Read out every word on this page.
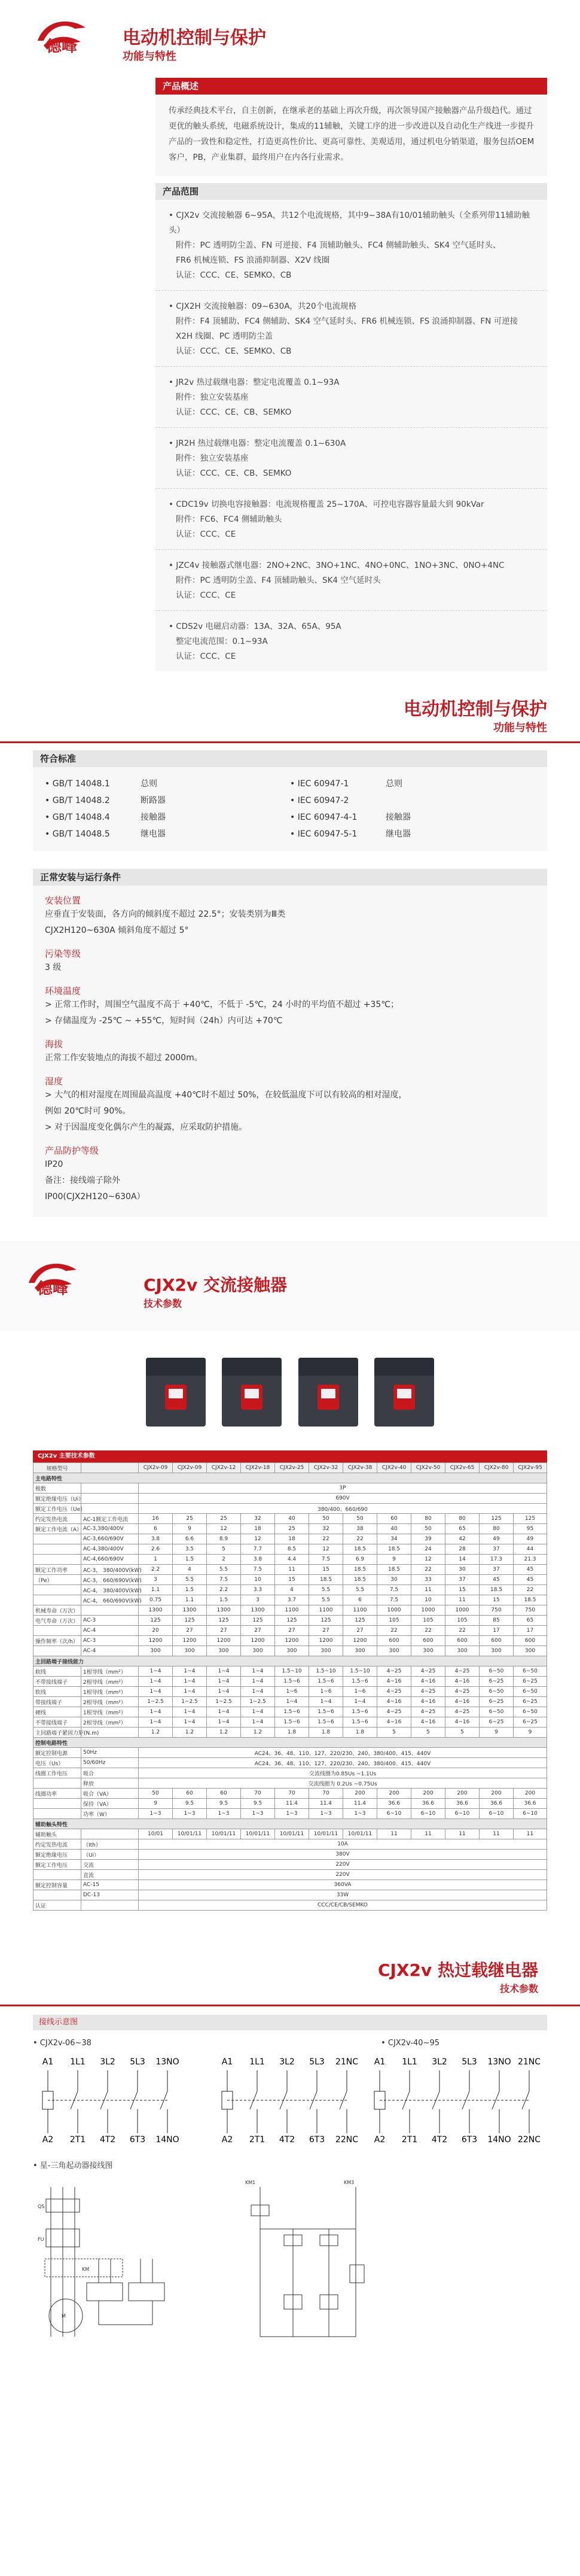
德峰	电动机控制与保护
功能与特性
产品概述
传承经典技术平台，自主创新，在继承老的基础上再次升级，再次领导国产接触器产品升级趋代。通过更优的触头系统，电磁系统设计，集成的11辅触，关键工序的进一步改进以及自动化生产线进一步提升产品的一致性和稳定性，打造更高性价比、更高可靠性、美观适用，通过机电分销渠道，服务包括OEM客户，PB，产业集群，最终用户在内各行业需求。
产品范围
• CJX2v 交流接触器 6~95A，共12个电流规格，其中9~38A有10/01辅助触头（全系列带11辅助触头）
附件：PC 透明防尘盖、FN 可逆接、F4 顶辅助触头、FC4 侧辅助触头、SK4 空气延时头、
FR6 机械连锁、FS 浪涌抑制器、X2V 线圈
认证：CCC、CE、SEMKO、CB
• CJX2H 交流接触器：09~630A，共20个电流规格
附件：F4 顶辅助、FC4 侧辅助、SK4 空气延时头、FR6 机械连锁、FS 浪涌抑制器、FN 可逆接
X2H 线圈、PC 透明防尘盖
认证：CCC、CE、SEMKO、CB
• JR2v 热过载继电器：整定电流覆盖 0.1~93A
附件：独立安装基座
认证：CCC、CE、CB、SEMKO
• JR2H 热过载继电器：整定电流覆盖 0.1~630A
附件：独立安装基座
认证：CCC、CE、CB、SEMKO
• CDC19v 切换电容接触器：电流规格覆盖 25~170A、可控电容器容量最大到 90kVar
附件：FC6、FC4 侧辅助触头
认证：CCC、CE
• JZC4v 接触器式继电器：2NO+2NC、3NO+1NC、4NO+0NC、1NO+3NC、0NO+4NC
附件：PC 透明防尘盖、F4 顶辅助触头、SK4 空气延时头
认证：CCC、CE
• CDS2v 电磁启动器：13A、32A、65A、95A
整定电流范围：0.1~93A
认证：CCC、CE
电动机控制与保护
功能与特性
符合标准
• GB/T 14048.1	总则	• IEC 60947-1	总则
• GB/T 14048.2	断路器	• IEC 60947-2
• GB/T 14048.4	接触器	• IEC 60947-4-1	接触器
• GB/T 14048.5	继电器	• IEC 60947-5-1	继电器
正常安装与运行条件
安装位置

应垂直于安装面，各方向的倾斜度不超过 22.5°；安装类别为Ⅲ类

CJX2H120~630A 倾斜角度不超过 5°

污染等级

3 级

环境温度

> 正常工作时，周围空气温度不高于 +40℃，不低于 -5℃，24 小时的平均值不超过 +35℃；

> 存储温度为 -25℃ ~ +55℃，短时间（24h）内可达 +70℃

海拔

正常工作安装地点的海拔不超过 2000m。

湿度

> 大气的相对湿度在周围最高温度 +40℃时不超过 50%，在较低温度下可以有较高的相对湿度，

例如 20℃时可 90%。

> 对于因温度变化偶尔产生的凝露，应采取防护措施。

产品防护等级

IP20

备注：接线端子除外

IP00(CJX2H120~630A）

德峰	CJX2v 交流接触器
技术参数
CJX2v 主要技术参数
规格型号		CJX2v-09	CJX2v-09	CJX2v-12	CJX2v-18	CJX2v-25	CJX2v-32	CJX2v-38	CJX2v-40	CJX2v-50	CJX2v-65	CJX2v-80	CJX2v-95
主电路特性													
极数		3P											
额定绝缘电压（Ui）		690V											
额定工作电压（Ue）		380/400、660/690											
约定发热电流	AC-1额定工作电流	16	25	25	32	40	50	50	60	80	80	125	125
额定工作电流（A）	AC-3,380/400V	6	9	12	18	25	32	38	40	50	65	80	95
	AC-3,660/690V	3.8	6.6	8.9	12	18	22	22	34	39	42	49	49
	AC-4,380/400V	2.6	3.5	5	7.7	8.5	12	18.5	18.5	24	28	37	44
	AC-4,660/690V	1	1.5	2	3.8	4.4	7.5	6.9	9	12	14	17.3	21.3
额定工作功率	AC-3， 380/400V(kW)	2.2	4	5.5	7.5	11	15	18.5	18.5	22	30	37	45
（Pe）	AC-3， 660/690V(kW)	3	5.5	7.5	10	15	18.5	18.5	30	33	37	45	45
	AC-4， 380/400V(kW)	1.1	1.5	2.2	3.3	4	5.5	5.5	7.5	11	15	18.5	22
	AC-4， 660/690V(kW)	0.75	1.1	1.5	3	3.7	5.5	6	7.5	10	11	15	18.5
机械寿命（万次）		1300	1300	1300	1300	1100	1100	1100	1000	1000	1000	750	750
电气寿命（万次）	AC-3	125	125	125	125	125	125	125	105	105	105	85	65
	AC-4	20	27	27	27	27	27	27	22	22	22	17	17
操作频率（次/h）	AC-3	1200	1200	1200	1200	1200	1200	1200	600	600	600	600	600
	AC-4	300	300	300	300	300	300	300	300	300	300	300	300
主回路端子接线能力													
软线	1根导线（mm²）	1~4	1~4	1~4	1~4	1.5~10	1.5~10	1.5~10	4~25	4~25	4~25	6~50	6~50
不带接线端子	2根导线（mm²）	1~4	1~4	1~4	1~4	1.5~6	1.5~6	1.5~6	4~16	4~16	4~16	6~25	6~25
软线	1根导线（mm²）	1~4	1~4	1~4	1~4	1~6	1~6	1~6	4~25	4~25	4~25	6~50	6~50
带接线端子	2根导线（mm²）	1~2.5	1~2.5	1~2.5	1~2.5	1~4	1~4	1~4	4~16	4~16	4~16	6~25	6~25
硬线	1根导线（mm²）	1~4	1~4	1~4	1~4	1.5~6	1.5~6	1.5~6	4~25	4~25	4~25	6~50	6~50
不带接线端子	2根导线（mm²）	1~4	1~4	1~4	1~4	1.5~6	1.5~6	1.5~6	4~16	4~16	4~16	6~25	6~25
主回路端子紧固力矩(N.m)		1.2	1.2	1.2	1.2	1.8	1.8	1.8	5	5	5	9	9
控制电路特性													
额定控制电源	50Hz	AC24、36、48、110、127、220/230、240、380/400、415、440V											
电压（Us）	50/60Hz	AC24、36、48、110、127、220/230、240、380/400、415、440V											
线圈工作电压	吸合	交流线圈为0.85Us ~1.1Us											
	释放	交流线圈为 0.2Us ~0.75Us											
线圈功率	吸合（VA）	50	60	60	70	70	70	200	200	200	200	200	200
	保持（VA）	9	9.5	9.5	9.5	11.4	11.4	11.4	36.6	36.6	36.6	36.6	36.6
	功率（W）	1~3	1~3	1~3	1~3	1~3	1~3	1~3	6~10	6~10	6~10	6~10	6~10
辅助触头特性													
辅助触头		10/01	10/01/11	10/01/11	10/01/11	10/01/11	10/01/11	10/01/11	11	11	11	11	11
约定发热电流	（Ith）	10A											
额定绝缘电压	（Ui）	380V											
额定工作电压	交流	220V											
	直流	220V											
额定控制容量	AC-15	360VA											
	DC-13	33W											
认证		CCC/CE/CB/SEMKO											
CJX2v 热过载继电器
技术参数
接线示意图
• CJX2v-06~38	• CJX2v-40~95
A1
A2
1L1
2T1
3L2
4T2
5L3
6T3
13NO
14NO
A1
A2
1L1
2T1
3L2
4T2
5L3
6T3
21NC
22NC
A1
A2
1L1
2T1
3L2
4T2
5L3
6T3
13NO
14NO
21NC
22NC
• 星-三角起动器接线图
QS
FU
KM
M
KM1	KM3
